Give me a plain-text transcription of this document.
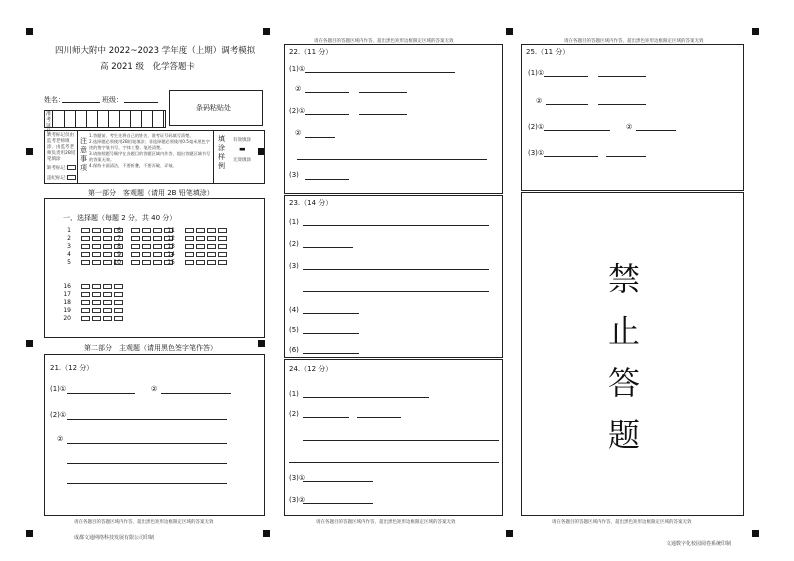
四川师大附中 2022~2023 学年度（上期）调考模拟
高 2021 级　化学答题卡
姓名：	班级：
准考证号
条码粘贴处
缺考标记仅由监考老师填涂，由监考老师负责用2B铅笔填涂
缺考标记：
违纪标记：
注意事项
1.答题前，考生先将自己的姓名、准考证号码填写清楚。
2.选择题必须使用2B铅笔填涂；非选择题必须使用0.5毫米黑色字迹的签字笔书写，字体工整、笔迹清楚。
3.请按照题号顺序在各题目的答题区域内作答，超出答题区域书写的答案无效。
4.保持卡面清洁，不要折叠，不要弄破、弄皱。
填涂样例
有效填涂
▬
无效填涂
第一部分　客观题（请用 2B 铅笔填涂）
一、选择题（每题 2 分，共 40 分）
1
2
3
4
5
6
7
8
9
10
11
12
13
14
15
16
17
18
19
20
第二部分　主观题（请用黑色签字笔作答）
21.（12 分）
(1)①	②
(2)①
②
请在各题目的答题区域内作答，超出黑色矩形边框限定区域的答案无效
成都文通网络科技发展有限公司印制
请在各题目的答题区域内作答，超出黑色矩形边框限定区域的答案无效
22.（11 分）
(1)①
②
(2)①
②
(3)
23.（14 分）
(1)
(2)
(3)
(4)
(5)
(6)
24.（12 分）
(1)
(2)
(3)①
(3)②
请在各题目的答题区域内作答，超出黑色矩形边框限定区域的答案无效
请在各题目的答题区域内作答，超出黑色矩形边框限定区域的答案无效
25.（11 分）
(1)①
②
(2)①	②
(3)①
禁
止
答
题
请在各题目的答题区域内作答，超出黑色矩形边框限定区域的答案无效
文通数字化校园阅卷系统印制
